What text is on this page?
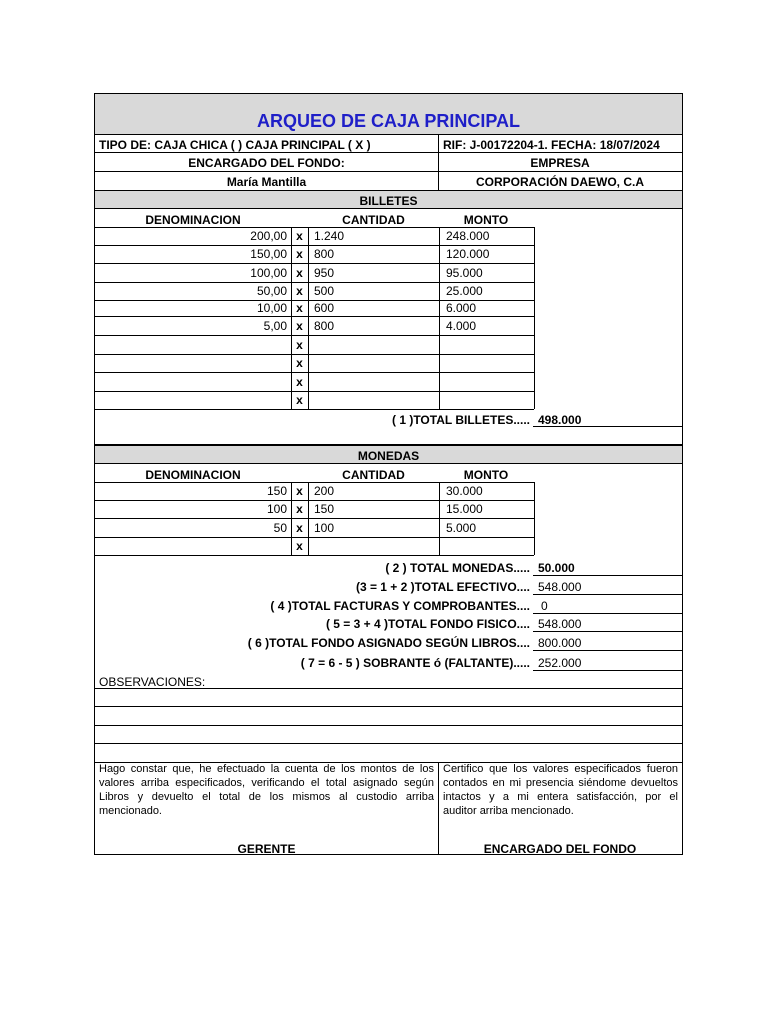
ARQUEO DE CAJA PRINCIPAL
TIPO DE: CAJA CHICA ( ) CAJA PRINCIPAL ( X )	RIF: J-00172204-1. FECHA: 18/07/2024
ENCARGADO DEL FONDO:	EMPRESA
María Mantilla	CORPORACIÓN DAEWO, C.A
BILLETES
DENOMINACION	CANTIDAD	MONTO
200,00 x 1.240	248.000
150,00 x 800	120.000
100,00 x 950	95.000
50,00 x 500	25.000
10,00 x 600	6.000
5,00 x 800	4.000
x
x
x
x
( 1 )TOTAL BILLETES..... 498.000
MONEDAS
DENOMINACION	CANTIDAD	MONTO
150 x 200	30.000
100 x 150	15.000
50 x 100	5.000
x
( 2 ) TOTAL MONEDAS..... 50.000
(3 = 1 + 2 )TOTAL EFECTIVO.... 548.000
( 4 )TOTAL FACTURAS Y COMPROBANTES.... 0
( 5 = 3 + 4 )TOTAL FONDO FISICO.... 548.000
( 6 )TOTAL FONDO ASIGNADO SEGÚN LIBROS.... 800.000
( 7 = 6 - 5 ) SOBRANTE ó (FALTANTE)..... 252.000
OBSERVACIONES:
Hago constar que, he efectuado la cuenta de los montos de los valores arriba especificados, verificando el total asignado según Libros y devuelto el total de los mismos al custodio arriba mencionado.
Certifico que los valores especificados fueron contados en mi presencia siéndome devueltos intactos y a mi entera satisfacción, por el auditor arriba mencionado.
GERENTE	ENCARGADO DEL FONDO
